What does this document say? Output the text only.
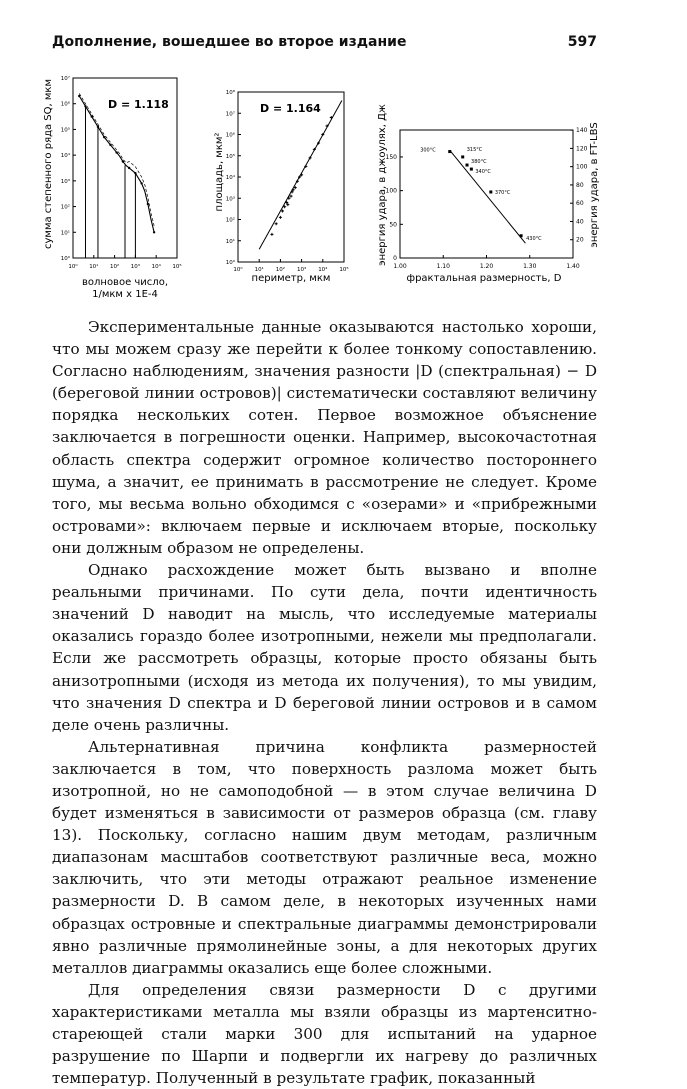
Дополнение, вошедшее во второе издание	597
сумма степенного ряда SQ, мкм
10⁰ 10¹ 10² 10³ 10⁴ 10⁵
10⁷
10⁶
10⁵
10⁴
10³
10²
10¹
10⁰
D = 1.118
волновое число, 1/мкм x 1E-4
площадь, мкм²
10⁰ 10¹ 10² 10³ 10⁴ 10⁵
10⁸
10⁷
10⁶
10⁵
10⁴
10³
10²
10¹
10⁰
D = 1.164
периметр, мкм
энергия удара, в джоулях, Дж	энергия удара, в FT-LBS
1.00	1.10	1.20	1.30	1.40
150
100
50
0
140
120
100
80
60
40
20
300°C	315°C
380°C
340°C
370°C
430°C
фрактальная размерность, D

Экспериментальные данные оказываются настолько хороши, что мы можем сразу же перейти к более тонкому сопоставлению. Согласно наблюдениям, значения разности |D (спектральная) − D (береговой линии островов)| систематически составляют величину порядка нескольких сотен. Первое возможное объяснение заключается в погрешности оценки. Например, высокочастотная область спектра содержит огромное количество постороннего шума, а значит, ее принимать в рассмотрение не следует. Кроме того, мы весьма вольно обходимся с «озерами» и «прибрежными островами»: включаем первые и исключаем вторые, поскольку они должным образом не определены.

Однако расхождение может быть вызвано и вполне реальными причинами. По сути дела, почти идентичность значений D наводит на мысль, что исследуемые материалы оказались гораздо более изотропными, нежели мы предполагали. Если же рассмотреть образцы, которые просто обязаны быть анизотропными (исходя из метода их получения), то мы увидим, что значения D спектра и D береговой линии островов и в самом деле очень различны.

Альтернативная причина конфликта размерностей заключается в том, что поверхность разлома может быть изотропной, но не самоподобной — в этом случае величина D будет изменяться в зависимости от размеров образца (см. главу 13). Поскольку, согласно нашим двум методам, различным диапазонам масштабов соответствуют различные веса, можно заключить, что эти методы отражают реальное изменение размерности D. В самом деле, в некоторых изученных нами образцах островные и спектральные диаграммы демонстрировали явно различные прямолинейные зоны, а для некоторых других металлов диаграммы оказались еще более сложными.

Для определения связи размерности D с другими характеристиками металла мы взяли образцы из мартенситно-стареющей стали марки 300 для испытаний на ударное разрушение по Шарпи и подвергли их нагреву до различных температур. Полученный в результате график, показанный
